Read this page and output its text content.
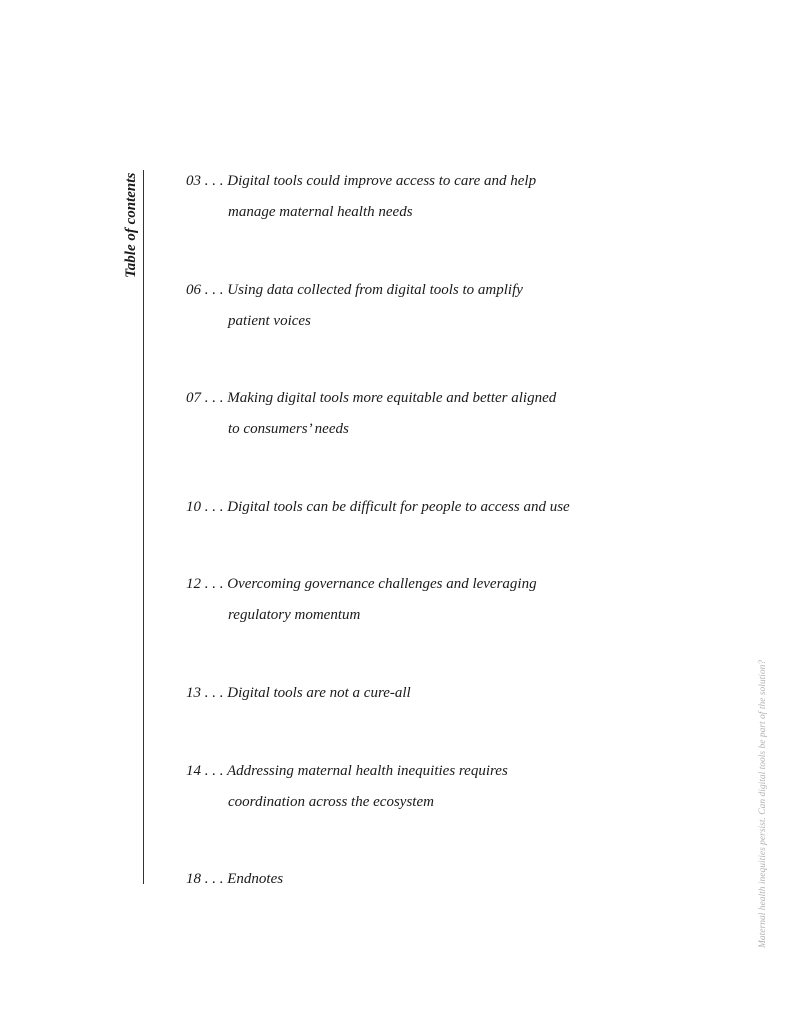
Table of contents	03 . . . Digital tools could improve access to care and help
manage maternal health needs
06 . . . Using data collected from digital tools to amplify
patient voices
07 . . . Making digital tools more equitable and better aligned
to consumers’ needs
10 . . . Digital tools can be difficult for people to access and use
12 . . . Overcoming governance challenges and leveraging
regulatory momentum
13 . . . Digital tools are not a cure-all
14 . . . Addressing maternal health inequities requires
coordination across the ecosystem
18 . . . Endnotes	Maternal health inequities persist. Can digital tools be part of the solution?
